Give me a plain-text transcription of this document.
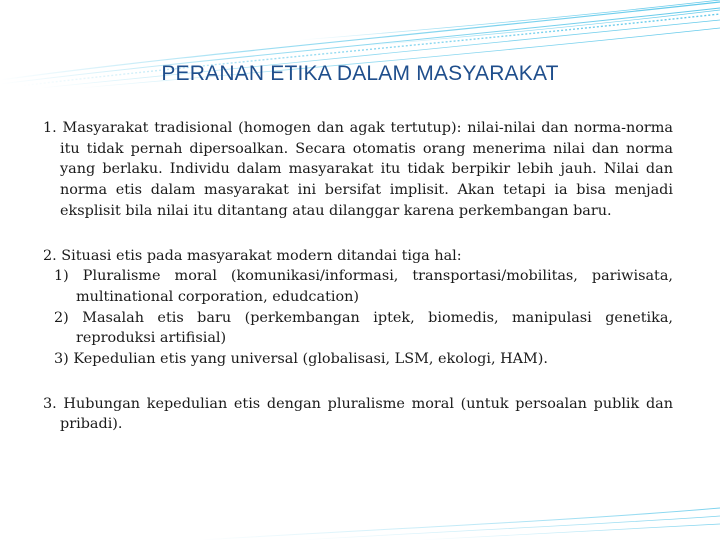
PERANAN ETIKA DALAM MASYARAKAT

1. Masyarakat tradisional (homogen dan agak tertutup): nilai-nilai dan norma-norma itu tidak pernah dipersoalkan. Secara otomatis orang menerima nilai dan norma yang berlaku. Individu dalam masyarakat itu tidak berpikir lebih jauh. Nilai dan norma etis dalam masyarakat ini bersifat implisit. Akan tetapi ia bisa menjadi eksplisit bila nilai itu ditantang atau dilanggar karena perkembangan baru.

2. Situasi etis pada masyarakat modern ditandai tiga hal:

1) Pluralisme moral (komunikasi/informasi, transportasi/mobilitas, pariwisata, multinational corporation, edudcation)

2) Masalah etis baru (perkembangan iptek, biomedis, manipulasi genetika, reproduksi artifisial)

3) Kepedulian etis yang universal (globalisasi, LSM, ekologi, HAM).

3. Hubungan kepedulian etis dengan pluralisme moral (untuk persoalan publik dan pribadi).
